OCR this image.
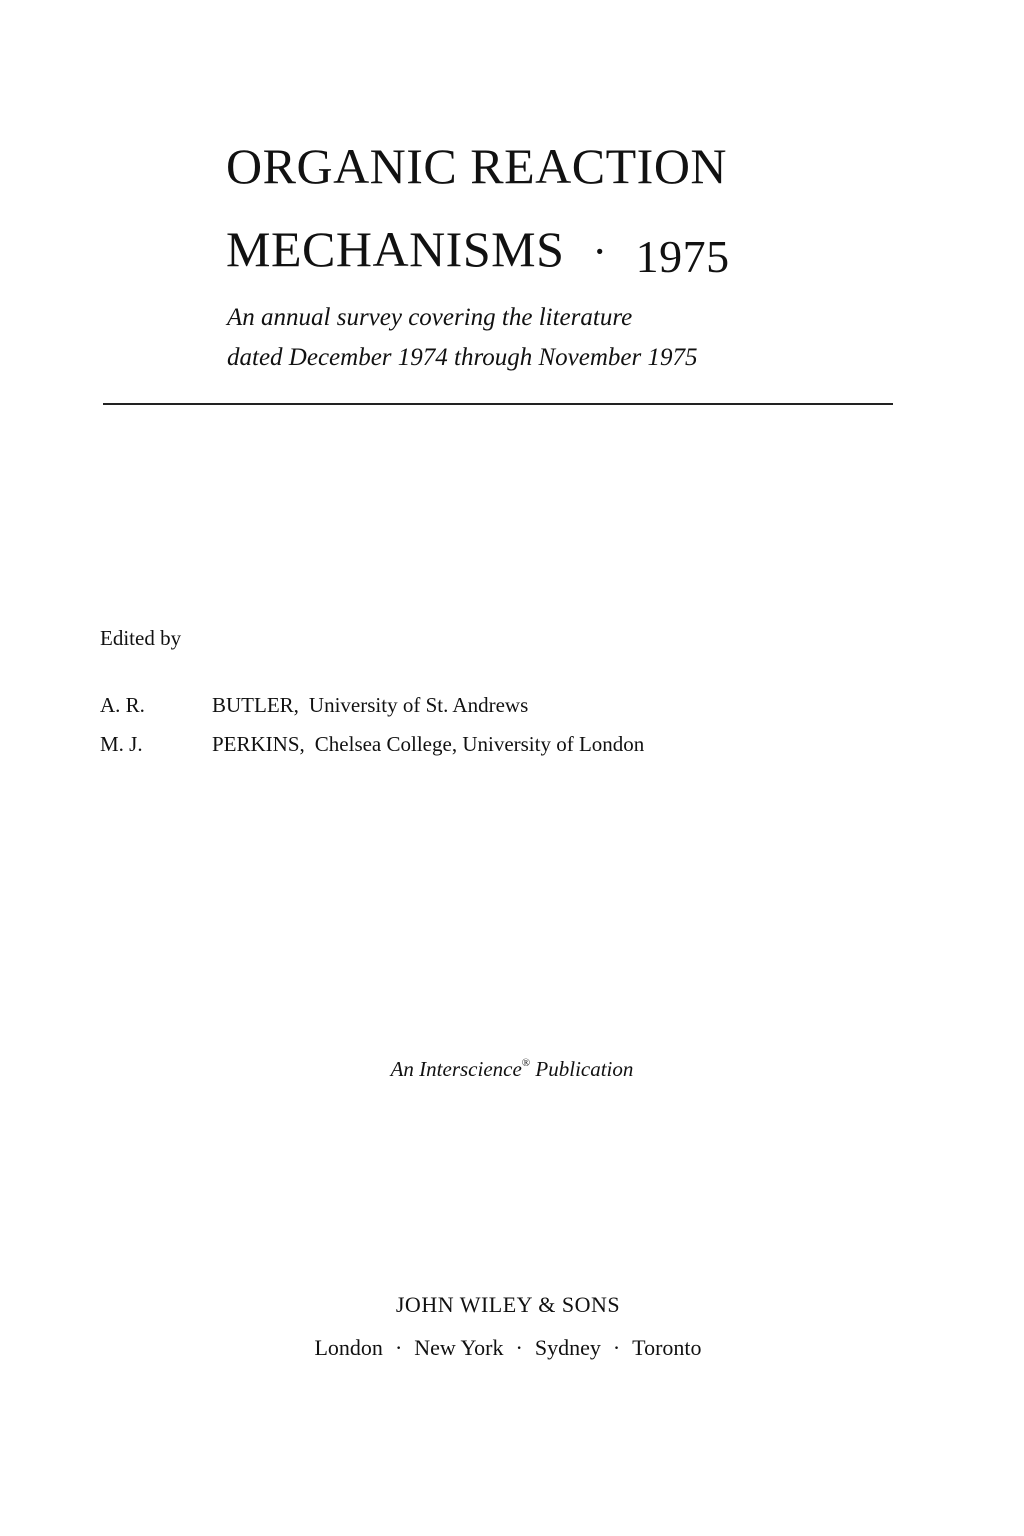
ORGANIC REACTION
MECHANISMS · 1975
An annual survey covering the literature
dated December 1974 through November 1975
Edited by
A. R.	BUTLER, University of St. Andrews
M. J.	PERKINS, Chelsea College, University of London
An Interscience® Publication
JOHN WILEY & SONS
London · New York · Sydney · Toronto
